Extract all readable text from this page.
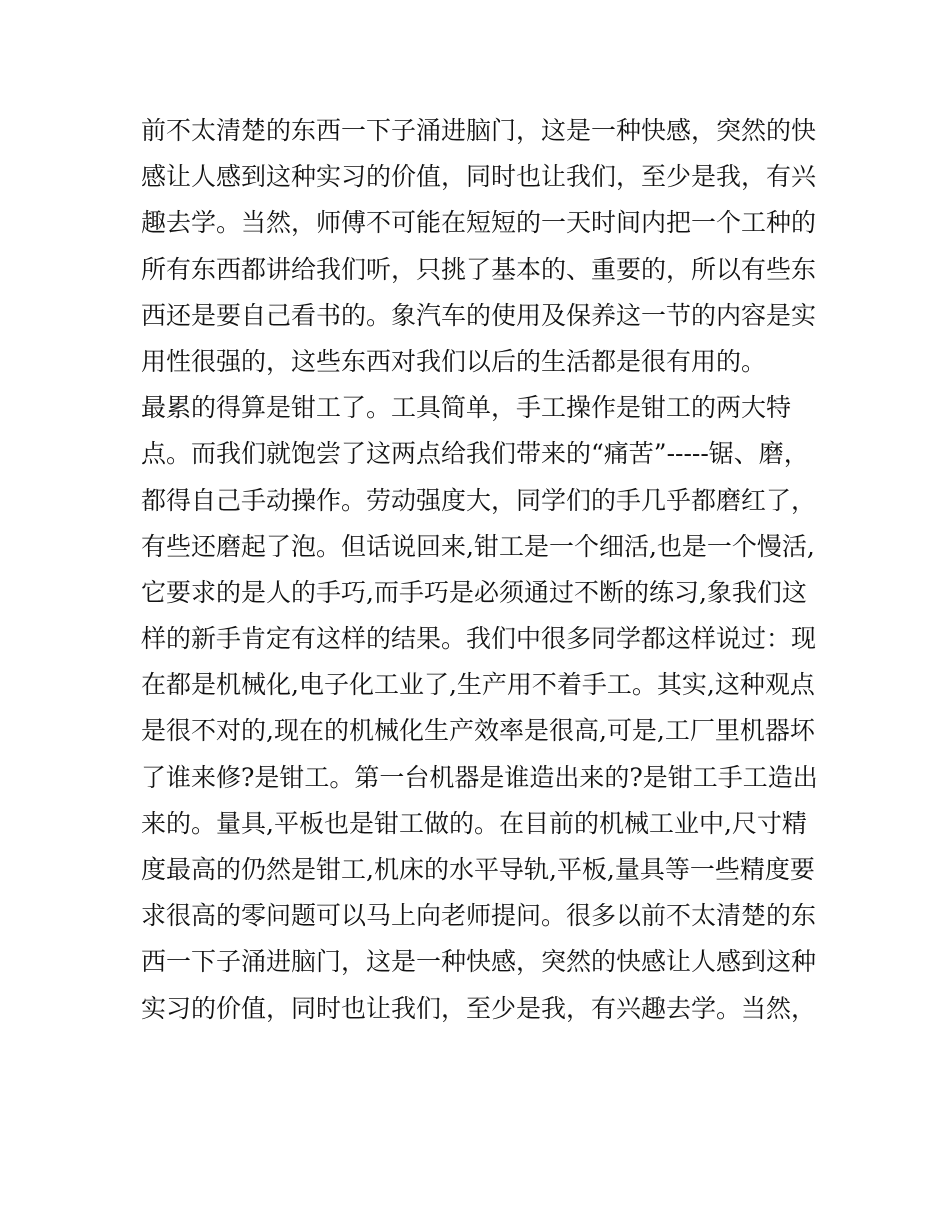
前不太清楚的东西一下子涌进脑门，这是一种快感，突然的快
感让人感到这种实习的价值，同时也让我们，至少是我，有兴
趣去学。当然，师傅不可能在短短的一天时间内把一个工种的
所有东西都讲给我们听，只挑了基本的、重要的，所以有些东
西还是要自己看书的。象汽车的使用及保养这一节的内容是实
用性很强的，这些东西对我们以后的生活都是很有用的。
最累的得算是钳工了。工具简单，手工操作是钳工的两大特
点。而我们就饱尝了这两点给我们带来的“痛苦”-----锯、磨，
都得自己手动操作。劳动强度大，同学们的手几乎都磨红了，
有些还磨起了泡。但话说回来,钳工是一个细活,也是一个慢活,
它要求的是人的手巧,而手巧是必须通过不断的练习,象我们这
样的新手肯定有这样的结果。我们中很多同学都这样说过：现
在都是机械化,电子化工业了,生产用不着手工。其实,这种观点
是很不对的,现在的机械化生产效率是很高,可是,工厂里机器坏
了谁来修?是钳工。第一台机器是谁造出来的?是钳工手工造出
来的。量具,平板也是钳工做的。在目前的机械工业中,尺寸精
度最高的仍然是钳工,机床的水平导轨,平板,量具等一些精度要
求很高的零问题可以马上向老师提问。很多以前不太清楚的东
西一下子涌进脑门，这是一种快感，突然的快感让人感到这种
实习的价值，同时也让我们，至少是我，有兴趣去学。当然，
